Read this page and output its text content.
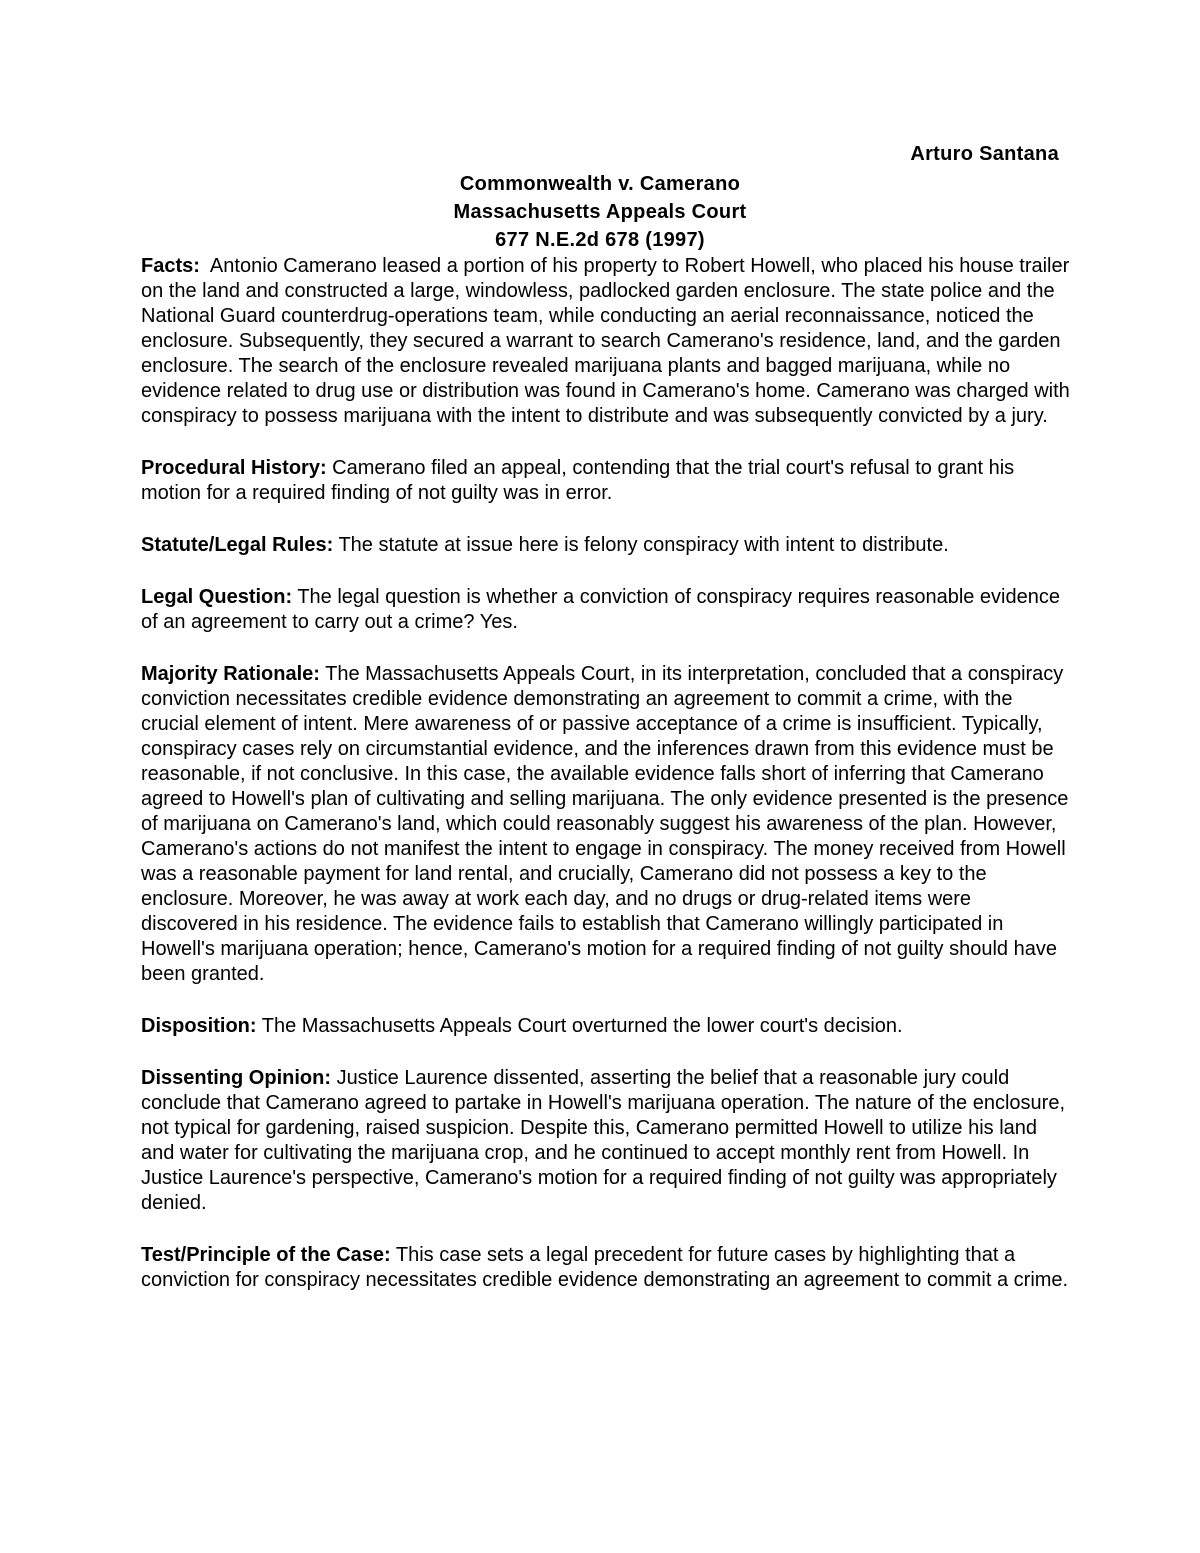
Arturo Santana
Commonwealth v. Camerano
Massachusetts Appeals Court
677 N.E.2d 678 (1997)
Facts: Antonio Camerano leased a portion of his property to Robert Howell, who placed his house trailer on the land and constructed a large, windowless, padlocked garden enclosure. The state police and the National Guard counterdrug-operations team, while conducting an aerial reconnaissance, noticed the enclosure. Subsequently, they secured a warrant to search Camerano's residence, land, and the garden enclosure. The search of the enclosure revealed marijuana plants and bagged marijuana, while no evidence related to drug use or distribution was found in Camerano's home. Camerano was charged with conspiracy to possess marijuana with the intent to distribute and was subsequently convicted by a jury.
Procedural History: Camerano filed an appeal, contending that the trial court's refusal to grant his motion for a required finding of not guilty was in error.
Statute/Legal Rules: The statute at issue here is felony conspiracy with intent to distribute.
Legal Question: The legal question is whether a conviction of conspiracy requires reasonable evidence of an agreement to carry out a crime? Yes.
Majority Rationale: The Massachusetts Appeals Court, in its interpretation, concluded that a conspiracy conviction necessitates credible evidence demonstrating an agreement to commit a crime, with the crucial element of intent. Mere awareness of or passive acceptance of a crime is insufficient. Typically, conspiracy cases rely on circumstantial evidence, and the inferences drawn from this evidence must be reasonable, if not conclusive. In this case, the available evidence falls short of inferring that Camerano agreed to Howell's plan of cultivating and selling marijuana. The only evidence presented is the presence of marijuana on Camerano's land, which could reasonably suggest his awareness of the plan. However, Camerano's actions do not manifest the intent to engage in conspiracy. The money received from Howell was a reasonable payment for land rental, and crucially, Camerano did not possess a key to the enclosure. Moreover, he was away at work each day, and no drugs or drug-related items were discovered in his residence. The evidence fails to establish that Camerano willingly participated in Howell's marijuana operation; hence, Camerano's motion for a required finding of not guilty should have been granted.
Disposition: The Massachusetts Appeals Court overturned the lower court's decision.
Dissenting Opinion: Justice Laurence dissented, asserting the belief that a reasonable jury could conclude that Camerano agreed to partake in Howell's marijuana operation. The nature of the enclosure, not typical for gardening, raised suspicion. Despite this, Camerano permitted Howell to utilize his land and water for cultivating the marijuana crop, and he continued to accept monthly rent from Howell. In Justice Laurence's perspective, Camerano's motion for a required finding of not guilty was appropriately denied.
Test/Principle of the Case: This case sets a legal precedent for future cases by highlighting that a conviction for conspiracy necessitates credible evidence demonstrating an agreement to commit a crime.
